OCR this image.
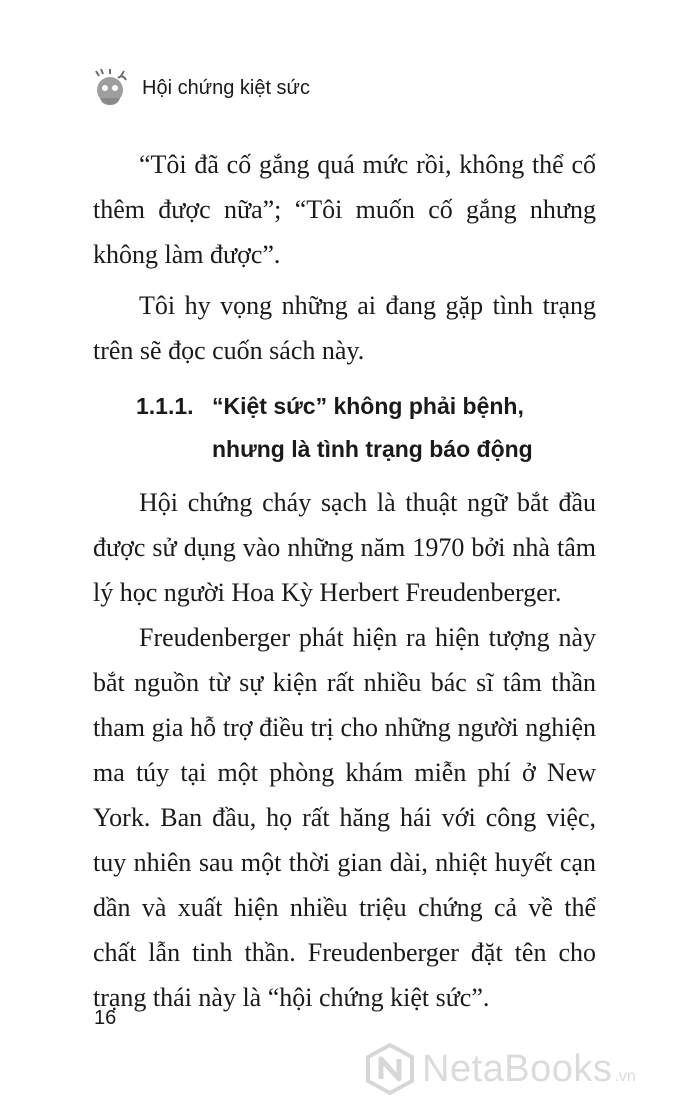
Hội chứng kiệt sức

“Tôi đã cố gắng quá mức rồi, không thể cố thêm được nữa”; “Tôi muốn cố gắng nhưng không làm được”.

Tôi hy vọng những ai đang gặp tình trạng trên sẽ đọc cuốn sách này.

1.1.1. “Kiệt sức” không phải bệnh, nhưng là tình trạng báo động

Hội chứng cháy sạch là thuật ngữ bắt đầu được sử dụng vào những năm 1970 bởi nhà tâm lý học người Hoa Kỳ Herbert Freudenberger.

Freudenberger phát hiện ra hiện tượng này bắt nguồn từ sự kiện rất nhiều bác sĩ tâm thần tham gia hỗ trợ điều trị cho những người nghiện ma túy tại một phòng khám miễn phí ở New York. Ban đầu, họ rất hăng hái với công việc, tuy nhiên sau một thời gian dài, nhiệt huyết cạn dần và xuất hiện nhiều triệu chứng cả về thể chất lẫn tinh thần. Freudenberger đặt tên cho trạng thái này là “hội chứng kiệt sức”.

16
NetaBooks .vn
